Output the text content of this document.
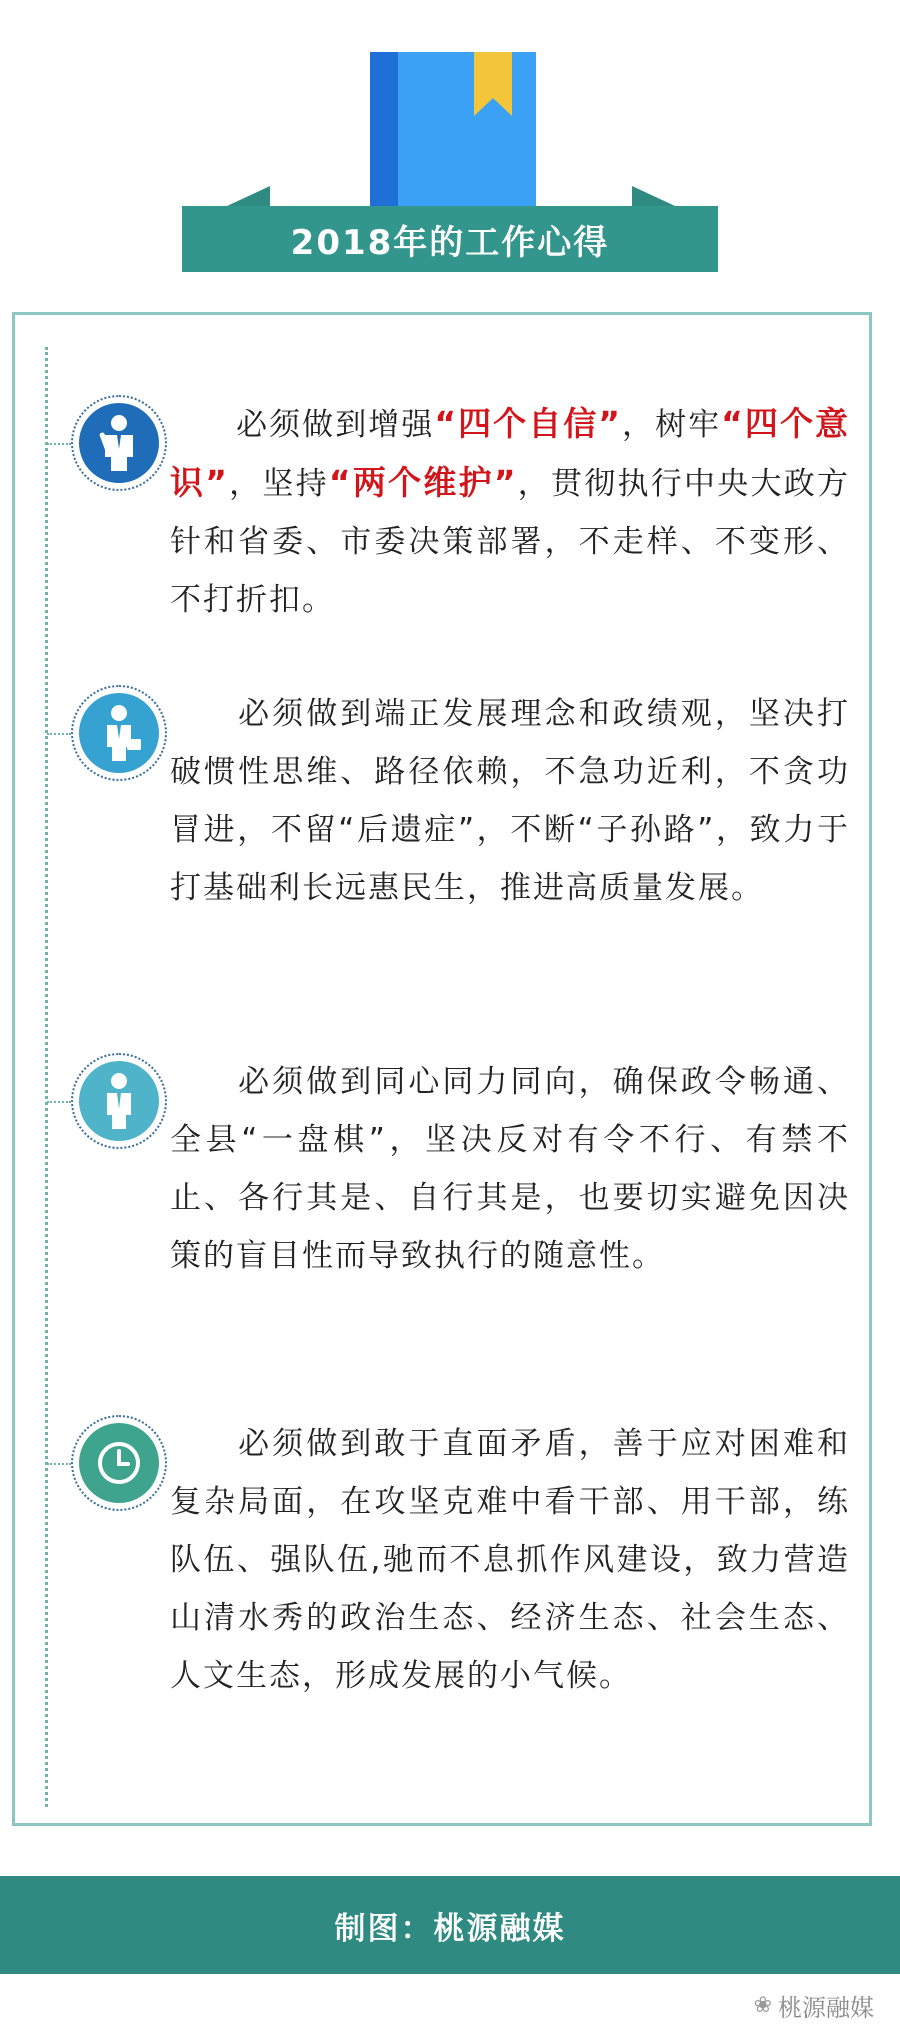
2018年的工作心得
　　必须做到增强“四个自信”，树牢“四个意识”，坚持“两个维护”，贯彻执行中央大政方针和省委、市委决策部署，不走样、不变形、不打折扣。
　　必须做到端正发展理念和政绩观，坚决打破惯性思维、路径依赖，不急功近利，不贪功冒进，不留“后遗症”，不断“子孙路”，致力于打基础利长远惠民生，推进高质量发展。
　　必须做到同心同力同向，确保政令畅通、全县“一盘棋”，坚决反对有令不行、有禁不止、各行其是、自行其是，也要切实避免因决策的盲目性而导致执行的随意性。
　　必须做到敢于直面矛盾，善于应对困难和复杂局面，在攻坚克难中看干部、用干部，练队伍、强队伍,驰而不息抓作风建设，致力营造山清水秀的政治生态、经济生态、社会生态、人文生态，形成发展的小气候。
制图：桃源融媒
❀ 桃源融媒
